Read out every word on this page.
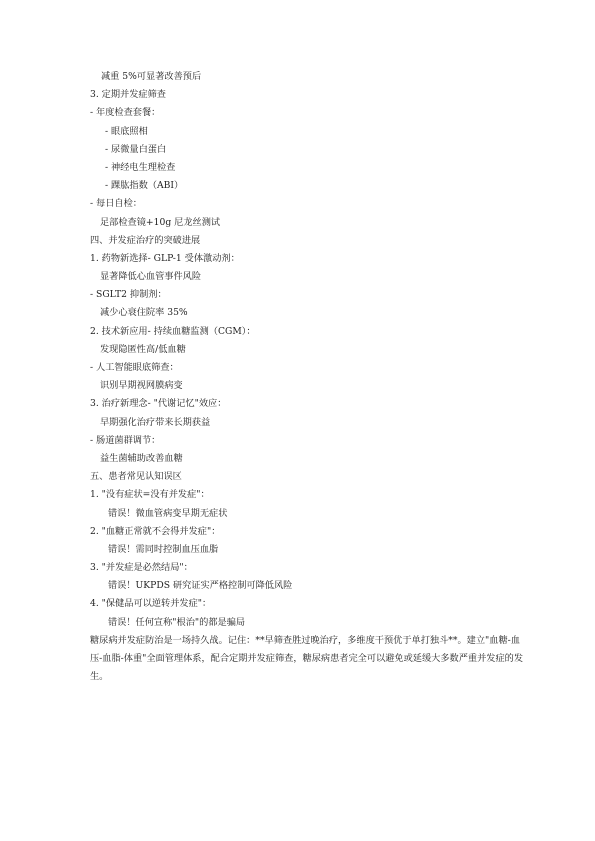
减重 5%可显著改善预后
3. 定期并发症筛查
- 年度检查套餐：
- 眼底照相
- 尿微量白蛋白
- 神经电生理检查
- 踝肱指数（ABI）
- 每日自检：
足部检查镜+10g 尼龙丝测试
四、并发症治疗的突破进展
1. 药物新选择- GLP-1 受体激动剂：
显著降低心血管事件风险
- SGLT2 抑制剂：
减少心衰住院率 35%
2. 技术新应用- 持续血糖监测（CGM）：
发现隐匿性高/低血糖
- 人工智能眼底筛查：
识别早期视网膜病变
3. 治疗新理念- "代谢记忆"效应：
早期强化治疗带来长期获益
- 肠道菌群调节：
益生菌辅助改善血糖
五、患者常见认知误区
1. "没有症状=没有并发症"：
错误！微血管病变早期无症状
2. "血糖正常就不会得并发症"：
错误！需同时控制血压血脂
3. "并发症是必然结局"：
错误！UKPDS 研究证实严格控制可降低风险
4. "保健品可以逆转并发症"：
错误！任何宣称"根治"的都是骗局
糖尿病并发症防治是一场持久战。记住：**早筛查胜过晚治疗，多维度干预优于单打独斗**。建立"血糖-血压-血脂-体重"全面管理体系，配合定期并发症筛查，糖尿病患者完全可以避免或延缓大多数严重并发症的发生。
